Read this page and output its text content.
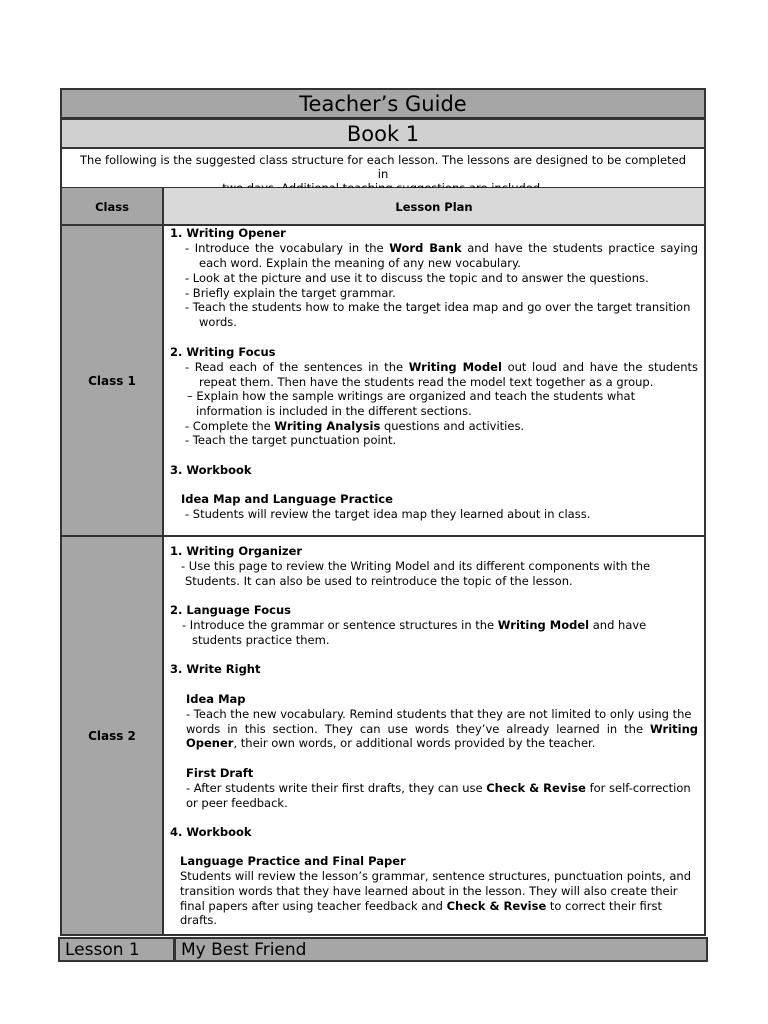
Teacher’s Guide
Book 1
The following is the suggested class structure for each lesson. The lessons are designed to be completed in

Class	Lesson Plan
Class 1
1. Writing Opener
- Introduce the vocabulary in the Word Bank and have the students practice saying
each word. Explain the meaning of any new vocabulary.
- Look at the picture and use it to discuss the topic and to answer the questions.
- Briefly explain the target grammar.
- Teach the students how to make the target idea map and go over the target transition
words.
2. Writing Focus
- Read each of the sentences in the Writing Model out loud and have the students
repeat them. Then have the students read the model text together as a group.
– Explain how the sample writings are organized and teach the students what
information is included in the different sections.
- Complete the Writing Analysis questions and activities.
- Teach the target punctuation point.
3. Workbook
Idea Map and Language Practice
- Students will review the target idea map they learned about in class.
Class 2
1. Writing Organizer
- Use this page to review the Writing Model and its different components with the
Students. It can also be used to reintroduce the topic of the lesson.
2. Language Focus
- Introduce the grammar or sentence structures in the Writing Model and have
students practice them.
3. Write Right
Idea Map
- Teach the new vocabulary. Remind students that they are not limited to only using the
words in this section. They can use words they’ve already learned in the Writing
Opener, their own words, or additional words provided by the teacher.
First Draft
- After students write their first drafts, they can use Check & Revise for self-correction
or peer feedback.
4. Workbook
Language Practice and Final Paper
Students will review the lesson’s grammar, sentence structures, punctuation points, and
transition words that they have learned about in the lesson. They will also create their
final papers after using teacher feedback and Check & Revise to correct their first
drafts.
Lesson 1	My Best Friend
